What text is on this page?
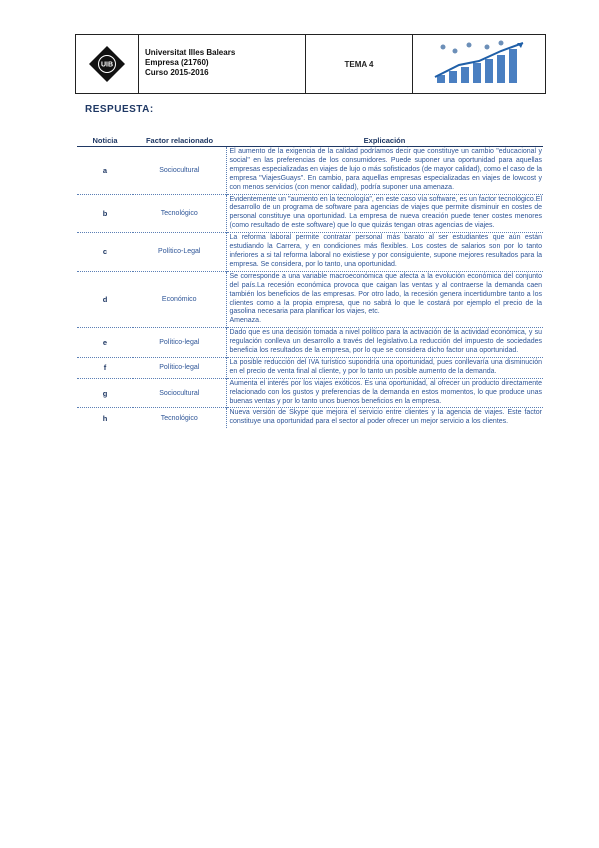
UIB
Universitat Illes Balears
Empresa (21760)
Curso 2015-2016
TEMA 4
RESPUESTA:
Noticia	Factor relacionado	Explicación
a	Sociocultural	El aumento de la exigencia de la calidad podríamos decir que constituye un cambio "educacional y social" en las preferencias de los consumidores. Puede suponer una oportunidad para aquellas empresas especializadas en viajes de lujo o más sofisticados (de mayor calidad), como el caso de la empresa "ViajesGuays". En cambio, para aquellas empresas especializadas en viajes de lowcost y con menos servicios (con menor calidad), podría suponer una amenaza.
b	Tecnológico	Evidentemente un "aumento en la tecnología", en este caso vía software, es un factor tecnológico.El desarrollo de un programa de software para agencias de viajes que permite disminuir en costes de personal constituye una oportunidad. La empresa de nueva creación puede tener costes menores (como resultado de este software) que lo que quizás tengan otras agencias de viajes.
c	Político-Legal	La reforma laboral permite contratar personal más barato al ser estudiantes que aún están estudiando la Carrera, y en condiciones más flexibles. Los costes de salarios son por lo tanto inferiores a si tal reforma laboral no existiese y por consiguiente, supone mejores resultados para la empresa. Se considera, por lo tanto, una oportunidad.
d	Económico	Se corresponde a una variable macroeconómica que afecta a la evolución económica del conjunto del país.La recesión económica provoca que caigan las ventas y al contraerse la demanda caen también los beneficios de las empresas. Por otro lado, la recesión genera incertidumbre tanto a los clientes como a la propia empresa, que no sabrá lo que le costará por ejemplo el precio de la gasolina necesaria para planificar los viajes, etc.
Amenaza.

e	Político-legal	Dado que es una decisión tomada a nivel político para la activación de la actividad económica, y su regulación conlleva un desarrollo a través del legislativo.La reducción del impuesto de sociedades beneficia los resultados de la empresa, por lo que se considera dicho factor una oportunidad.
f	Político-legal	La posible reducción del IVA turístico supondría una oportunidad, pues conllevaría una disminución en el precio de venta final al cliente, y por lo tanto un posible aumento de la demanda.
g	Sociocultural	Aumenta el interés por los viajes exóticos. Es una oportunidad, al ofrecer un producto directamente relacionado con los gustos y preferencias de la demanda en estos momentos, lo que produce unas buenas ventas y por lo tanto unos buenos beneficios en la empresa.
h	Tecnológico	Nueva versión de Skype que mejora el servicio entre clientes y la agencia de viajes. Este factor constituye una oportunidad para el sector al poder ofrecer un mejor servicio a los clientes.
